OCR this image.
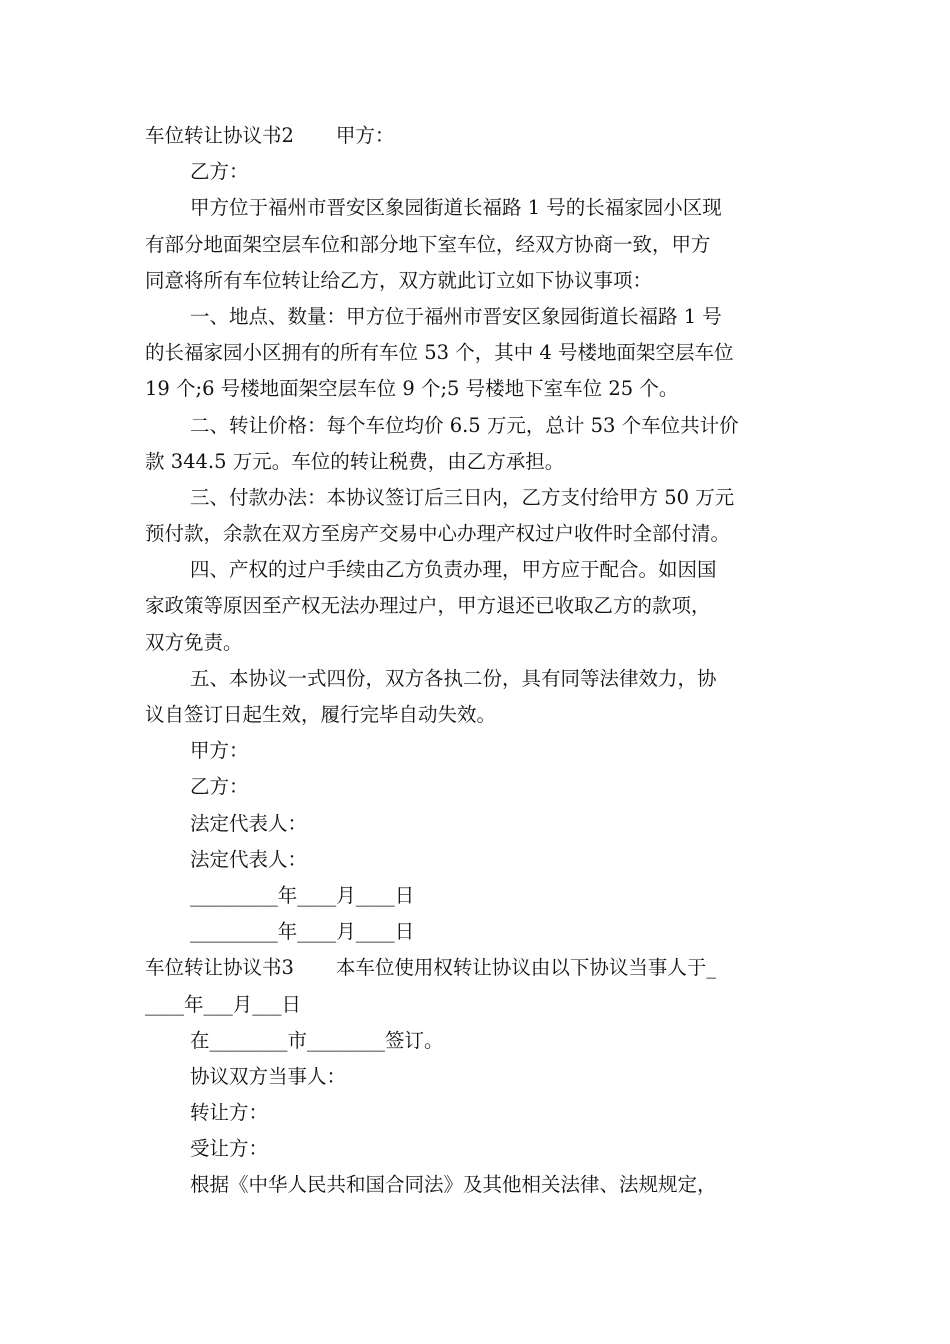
车位转让协议书2 甲方：
乙方：
甲方位于福州市晋安区象园街道长福路 1 号的长福家园小区现
有部分地面架空层车位和部分地下室车位，经双方协商一致，甲方
同意将所有车位转让给乙方，双方就此订立如下协议事项：
一、地点、数量：甲方位于福州市晋安区象园街道长福路 1 号
的长福家园小区拥有的所有车位 53 个，其中 4 号楼地面架空层车位
19 个;6 号楼地面架空层车位 9 个;5 号楼地下室车位 25 个。
二、转让价格：每个车位均价 6.5 万元，总计 53 个车位共计价
款 344.5 万元。车位的转让税费，由乙方承担。
三、付款办法：本协议签订后三日内，乙方支付给甲方 50 万元
预付款，余款在双方至房产交易中心办理产权过户收件时全部付清。
四、产权的过户手续由乙方负责办理，甲方应于配合。如因国
家政策等原因至产权无法办理过户，甲方退还已收取乙方的款项，
双方免责。
五、本协议一式四份，双方各执二份，具有同等法律效力，协
议自签订日起生效，履行完毕自动失效。
甲方：
乙方：
法定代表人：
法定代表人：
_________年____月____日
_________年____月____日
车位转让协议书3 本车位使用权转让协议由以下协议当事人于_
____年___月___日
在________市________签订。
协议双方当事人：
转让方：
受让方：
根据《中华人民共和国合同法》及其他相关法律、法规规定，
